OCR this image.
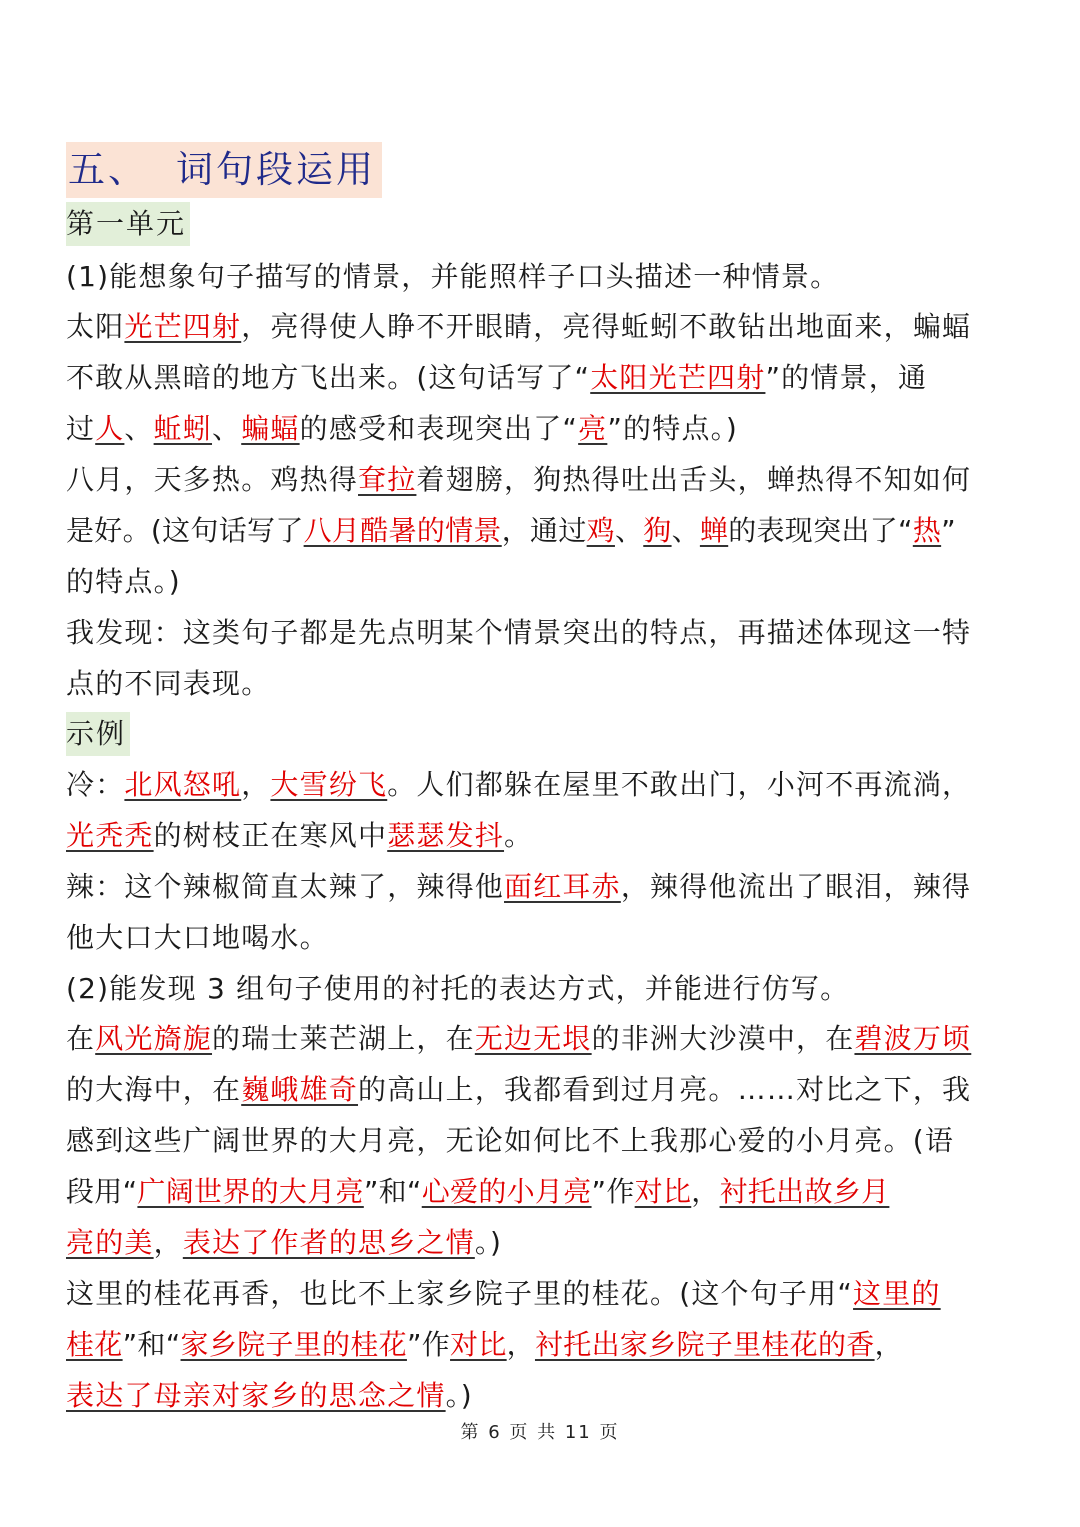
五、 词句段运用
第一单元
(1)能想象句子描写的情景，并能照样子口头描述一种情景。
太阳光芒四射，亮得使人睁不开眼睛，亮得蚯蚓不敢钻出地面来，蝙蝠
不敢从黑暗的地方飞出来。(这句话写了“太阳光芒四射”的情景，通
过人、蚯蚓、蝙蝠的感受和表现突出了“亮”的特点。)
八月，天多热。鸡热得耷拉着翅膀，狗热得吐出舌头，蝉热得不知如何
是好。(这句话写了八月酷暑的情景，通过鸡、狗、蝉的表现突出了“热”
的特点。)
我发现：这类句子都是先点明某个情景突出的特点，再描述体现这一特
点的不同表现。
示例
冷：北风怒吼，大雪纷飞。人们都躲在屋里不敢出门，小河不再流淌，
光秃秃的树枝正在寒风中瑟瑟发抖。
辣：这个辣椒简直太辣了，辣得他面红耳赤，辣得他流出了眼泪，辣得
他大口大口地喝水。
(2)能发现 3 组句子使用的衬托的表达方式，并能进行仿写。
在风光旖旎的瑞士莱芒湖上，在无边无垠的非洲大沙漠中，在碧波万顷
的大海中，在巍峨雄奇的高山上，我都看到过月亮。……对比之下，我
感到这些广阔世界的大月亮，无论如何比不上我那心爱的小月亮。(语
段用“广阔世界的大月亮”和“心爱的小月亮”作对比，衬托出故乡月
亮的美，表达了作者的思乡之情。)
这里的桂花再香，也比不上家乡院子里的桂花。(这个句子用“这里的
桂花”和“家乡院子里的桂花”作对比，衬托出家乡院子里桂花的香，
表达了母亲对家乡的思念之情。)
第 6 页 共 11 页
